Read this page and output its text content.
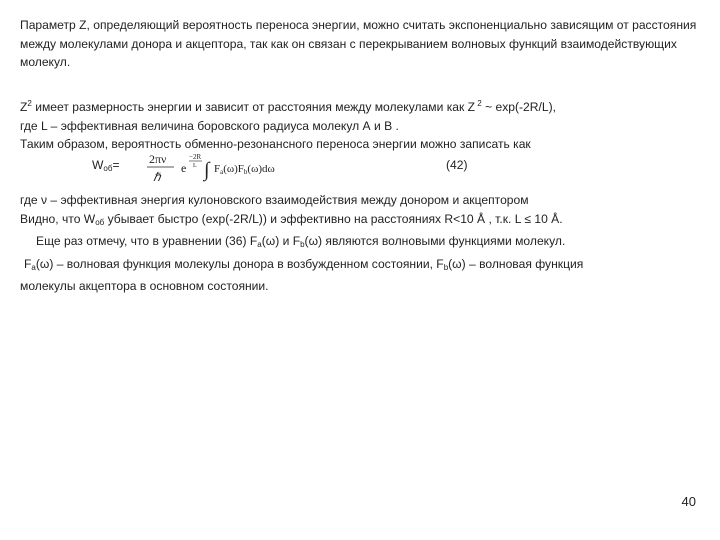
Параметр Z, определяющий вероятность переноса энергии, можно считать экспоненциально зависящим от расстояния между молекулами донора и акцептора, так как он связан с перекрыванием волновых функций взаимодействующих молекул.
$Z^2$ имеет размерность энергии и зависит от расстояния между молекулами как Z $^2$ ~ exp(-2R/L),
где L – эффективная величина боровского радиуса молекул А и В .
Таким образом, вероятность обменно-резонансного переноса энергии можно записать как
$W_{об}= 2\pi\nu$
ℏ
e
−2R
L ∫ Fa(ω)Fb(ω)dω	(42)
где ν – эффективная энергия кулоновского взаимодействия между донором и акцептором
Видно, что $W_{об}$ убывает быстро (exp(-2R/L)) и эффективно на расстояниях R<10 Å , т.к. L ≤ 10 Å.
Еще раз отмечу, что в уравнении (36) $F_a(\omega)$ и $F_b(\omega)$ являются волновыми функциями молекул.
$F_a(\omega)$ – волновая функция молекулы донора в возбужденном состоянии, $F_b(\omega)$ – волновая функция
молекулы акцептора в основном состоянии.
40
